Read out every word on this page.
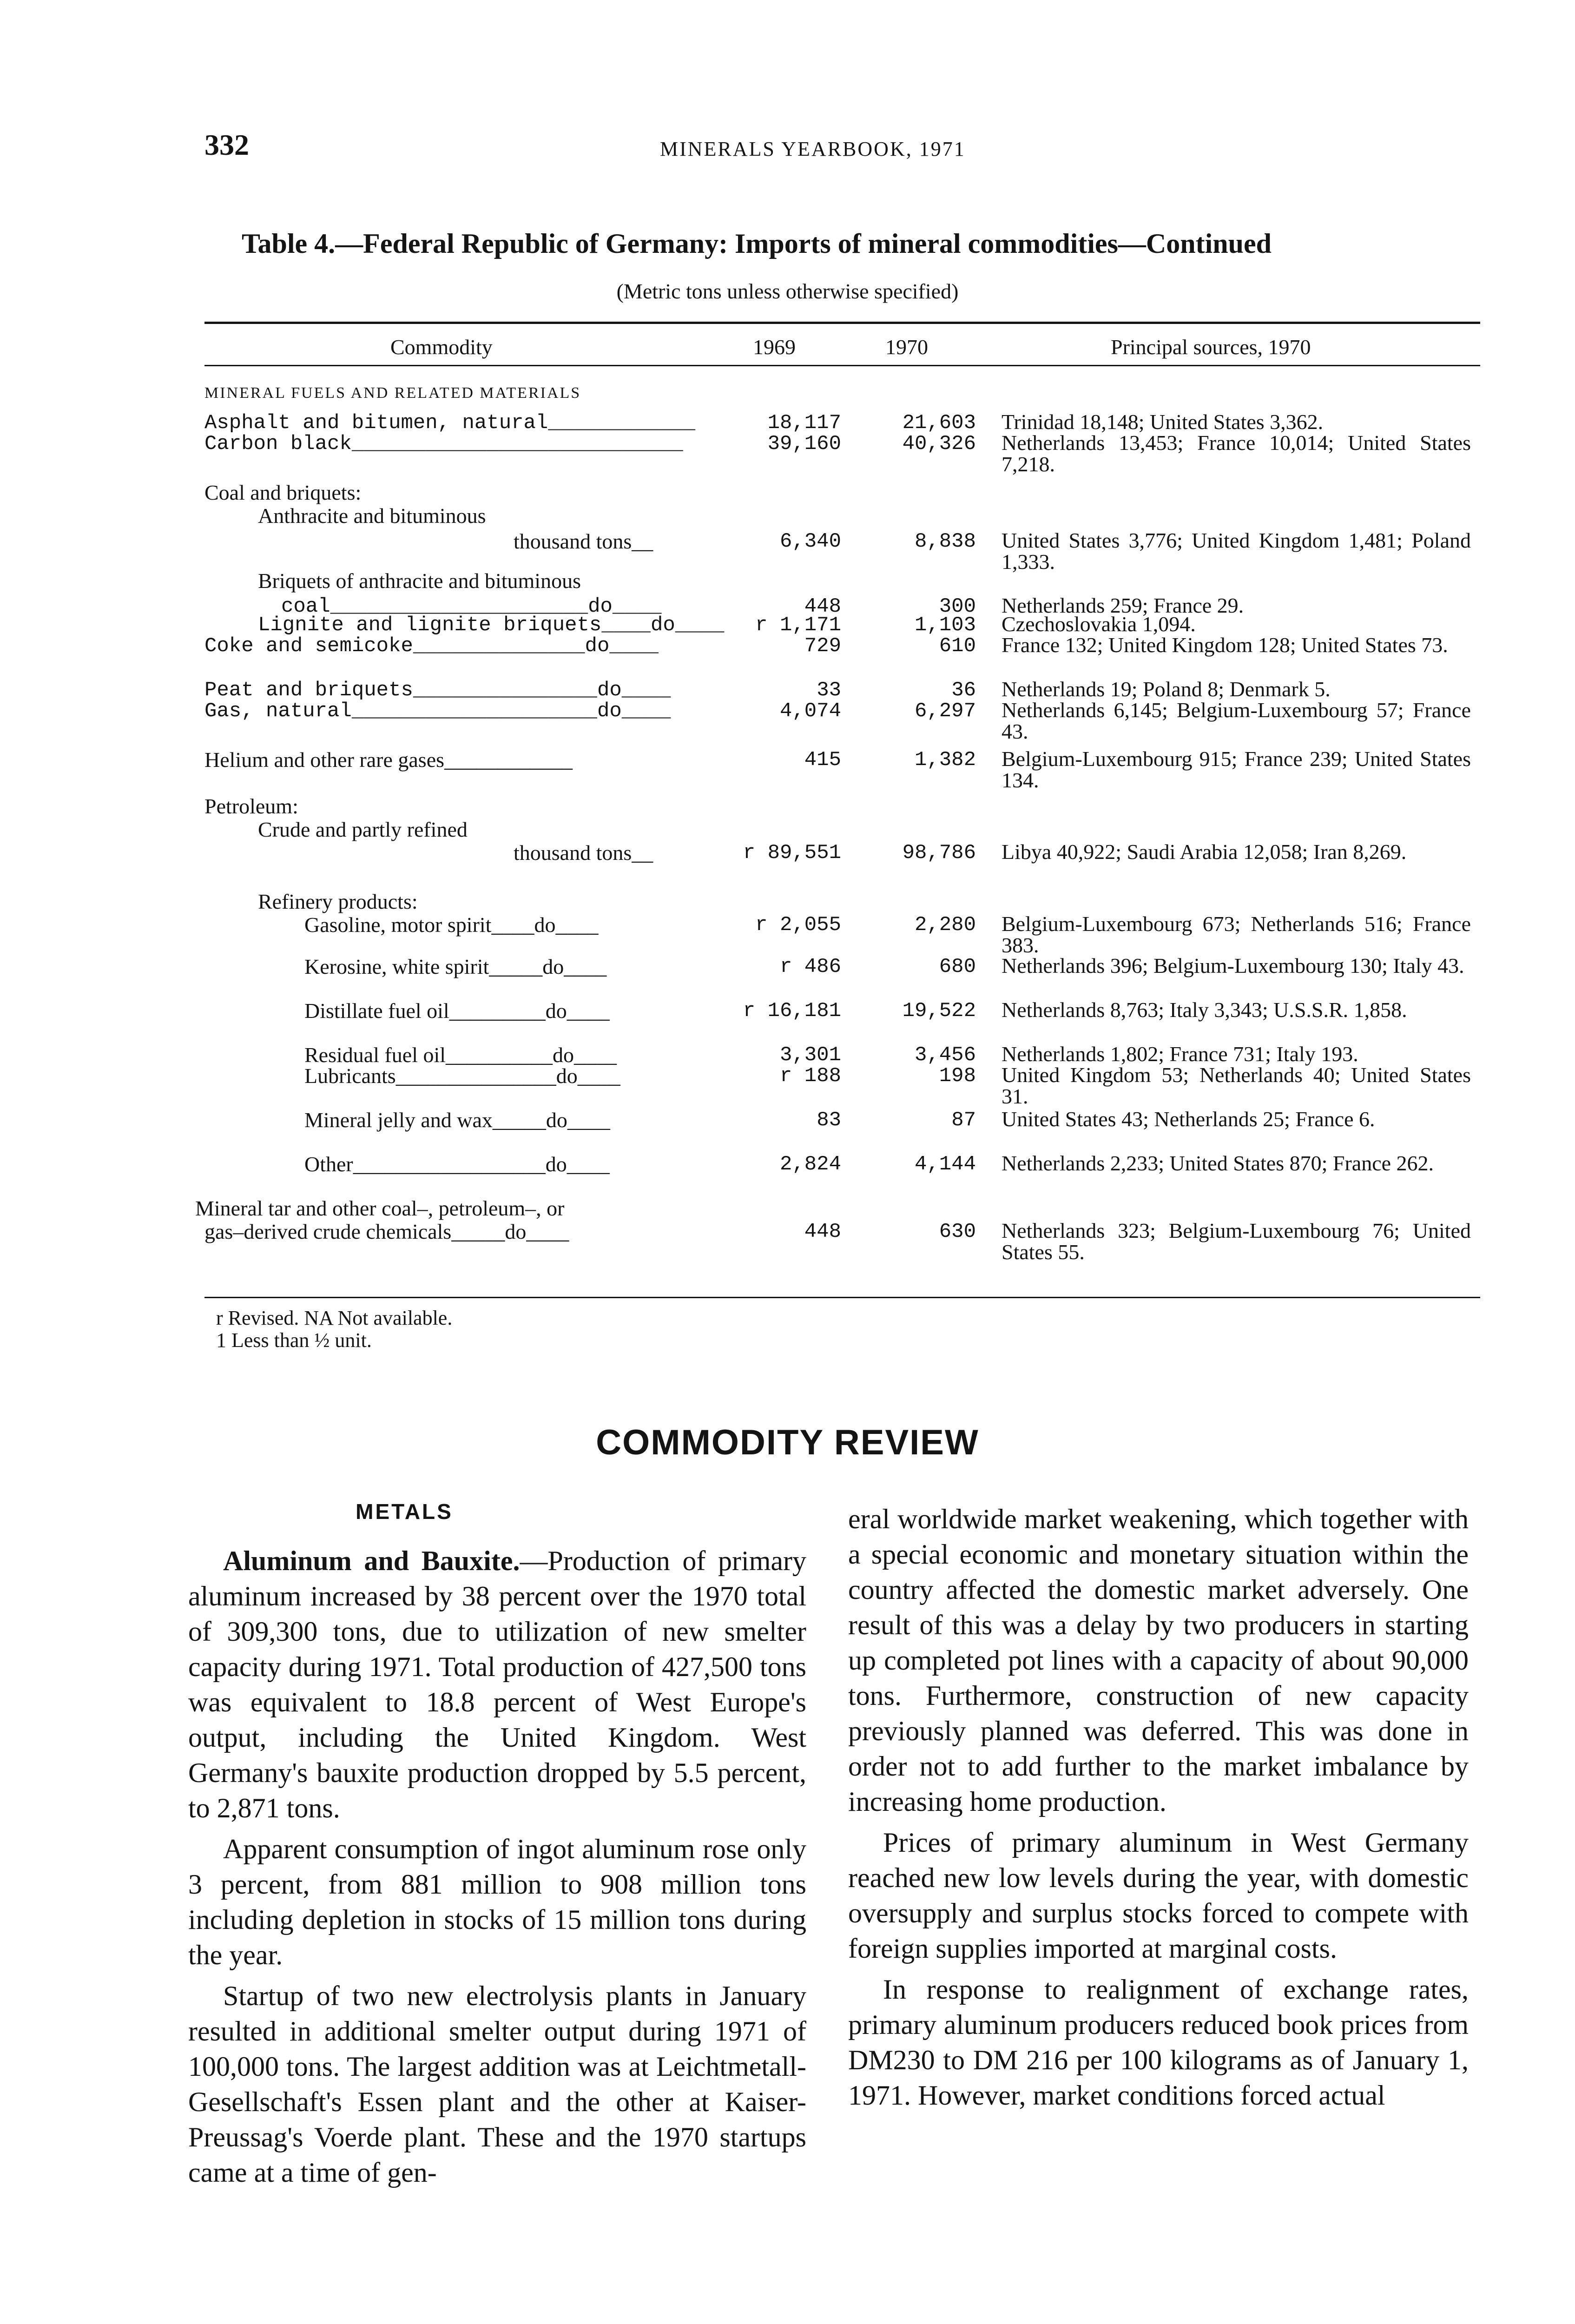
332	MINERALS YEARBOOK, 1971
Table 4.—Federal Republic of Germany: Imports of mineral commodities—Continued
(Metric tons unless otherwise specified)
Commodity	1969	1970	Principal sources, 1970
MINERAL FUELS AND RELATED MATERIALS
Asphalt and bitumen, natural____________	18,117	21,603 Trinidad 18,148; United States 3,362.
Carbon black___________________________	39,160	40,326 Netherlands 13,453; France 10,014; United States 7,218.
Coal and briquets:
Anthracite and bituminous
thousand tons__	6,340	8,838 United States 3,776; United Kingdom 1,481; Poland 1,333.
Briquets of anthracite and bituminous
coal_____________________do____	448	300 Netherlands 259; France 29.
Lignite and lignite briquets____do____	r 1,171	1,103 Czechoslovakia 1,094.
Coke and semicoke______________do____	729	610 France 132; United Kingdom 128; United States 73.
Peat and briquets_______________do____	33	36 Netherlands 19; Poland 8; Denmark 5.
Gas, natural____________________do____	4,074	6,297 Netherlands 6,145; Belgium-Luxembourg 57; France 43.
Helium and other rare gases____________	415	1,382 Belgium-Luxembourg 915; France 239; United States 134.
Petroleum:
Crude and partly refined
thousand tons__	r 89,551	98,786 Libya 40,922; Saudi Arabia 12,058; Iran 8,269.
Refinery products:
Gasoline, motor spirit____do____	r 2,055	2,280 Belgium-Luxembourg 673; Netherlands 516; France 383.
Kerosine, white spirit_____do____	r 486	680 Netherlands 396; Belgium-Luxembourg 130; Italy 43.
Distillate fuel oil_________do____	r 16,181	19,522 Netherlands 8,763; Italy 3,343; U.S.S.R. 1,858.
Residual fuel oil__________do____	3,301	3,456 Netherlands 1,802; France 731; Italy 193.
Lubricants_______________do____	r 188	198 United Kingdom 53; Netherlands 40; United States 31.
Mineral jelly and wax_____do____	83	87 United States 43; Netherlands 25; France 6.
Other__________________do____	2,824	4,144 Netherlands 2,233; United States 870; France 262.
Mineral tar and other coal–, petroleum–, or
gas–derived crude chemicals_____do____	448	630 Netherlands 323; Belgium-Luxembourg 76; United States 55.
r Revised. NA Not available.
1 Less than ½ unit.
COMMODITY REVIEW
METALS

Aluminum and Bauxite.—Production of primary aluminum increased by 38 percent over the 1970 total of 309,300 tons, due to utilization of new smelter capacity during 1971. Total production of 427,500 tons was equivalent to 18.8 percent of West Europe's output, including the United Kingdom. West Germany's bauxite production dropped by 5.5 percent, to 2,871 tons.

Apparent consumption of ingot aluminum rose only 3 percent, from 881 million to 908 million tons including depletion in stocks of 15 million tons during the year.

Startup of two new electrolysis plants in January resulted in additional smelter output during 1971 of 100,000 tons. The largest addition was at Leichtmetall-Gesellschaft's Essen plant and the other at Kaiser-Preussag's Voerde plant. These and the 1970 startups came at a time of gen-

eral worldwide market weakening, which together with a special economic and monetary situation within the country affected the domestic market adversely. One result of this was a delay by two producers in starting up completed pot lines with a capacity of about 90,000 tons. Furthermore, construction of new capacity previously planned was deferred. This was done in order not to add further to the market imbalance by increasing home production.

Prices of primary aluminum in West Germany reached new low levels during the year, with domestic oversupply and surplus stocks forced to compete with foreign supplies imported at marginal costs.

In response to realignment of exchange rates, primary aluminum producers reduced book prices from DM230 to DM 216 per 100 kilograms as of January 1, 1971. However, market conditions forced actual
